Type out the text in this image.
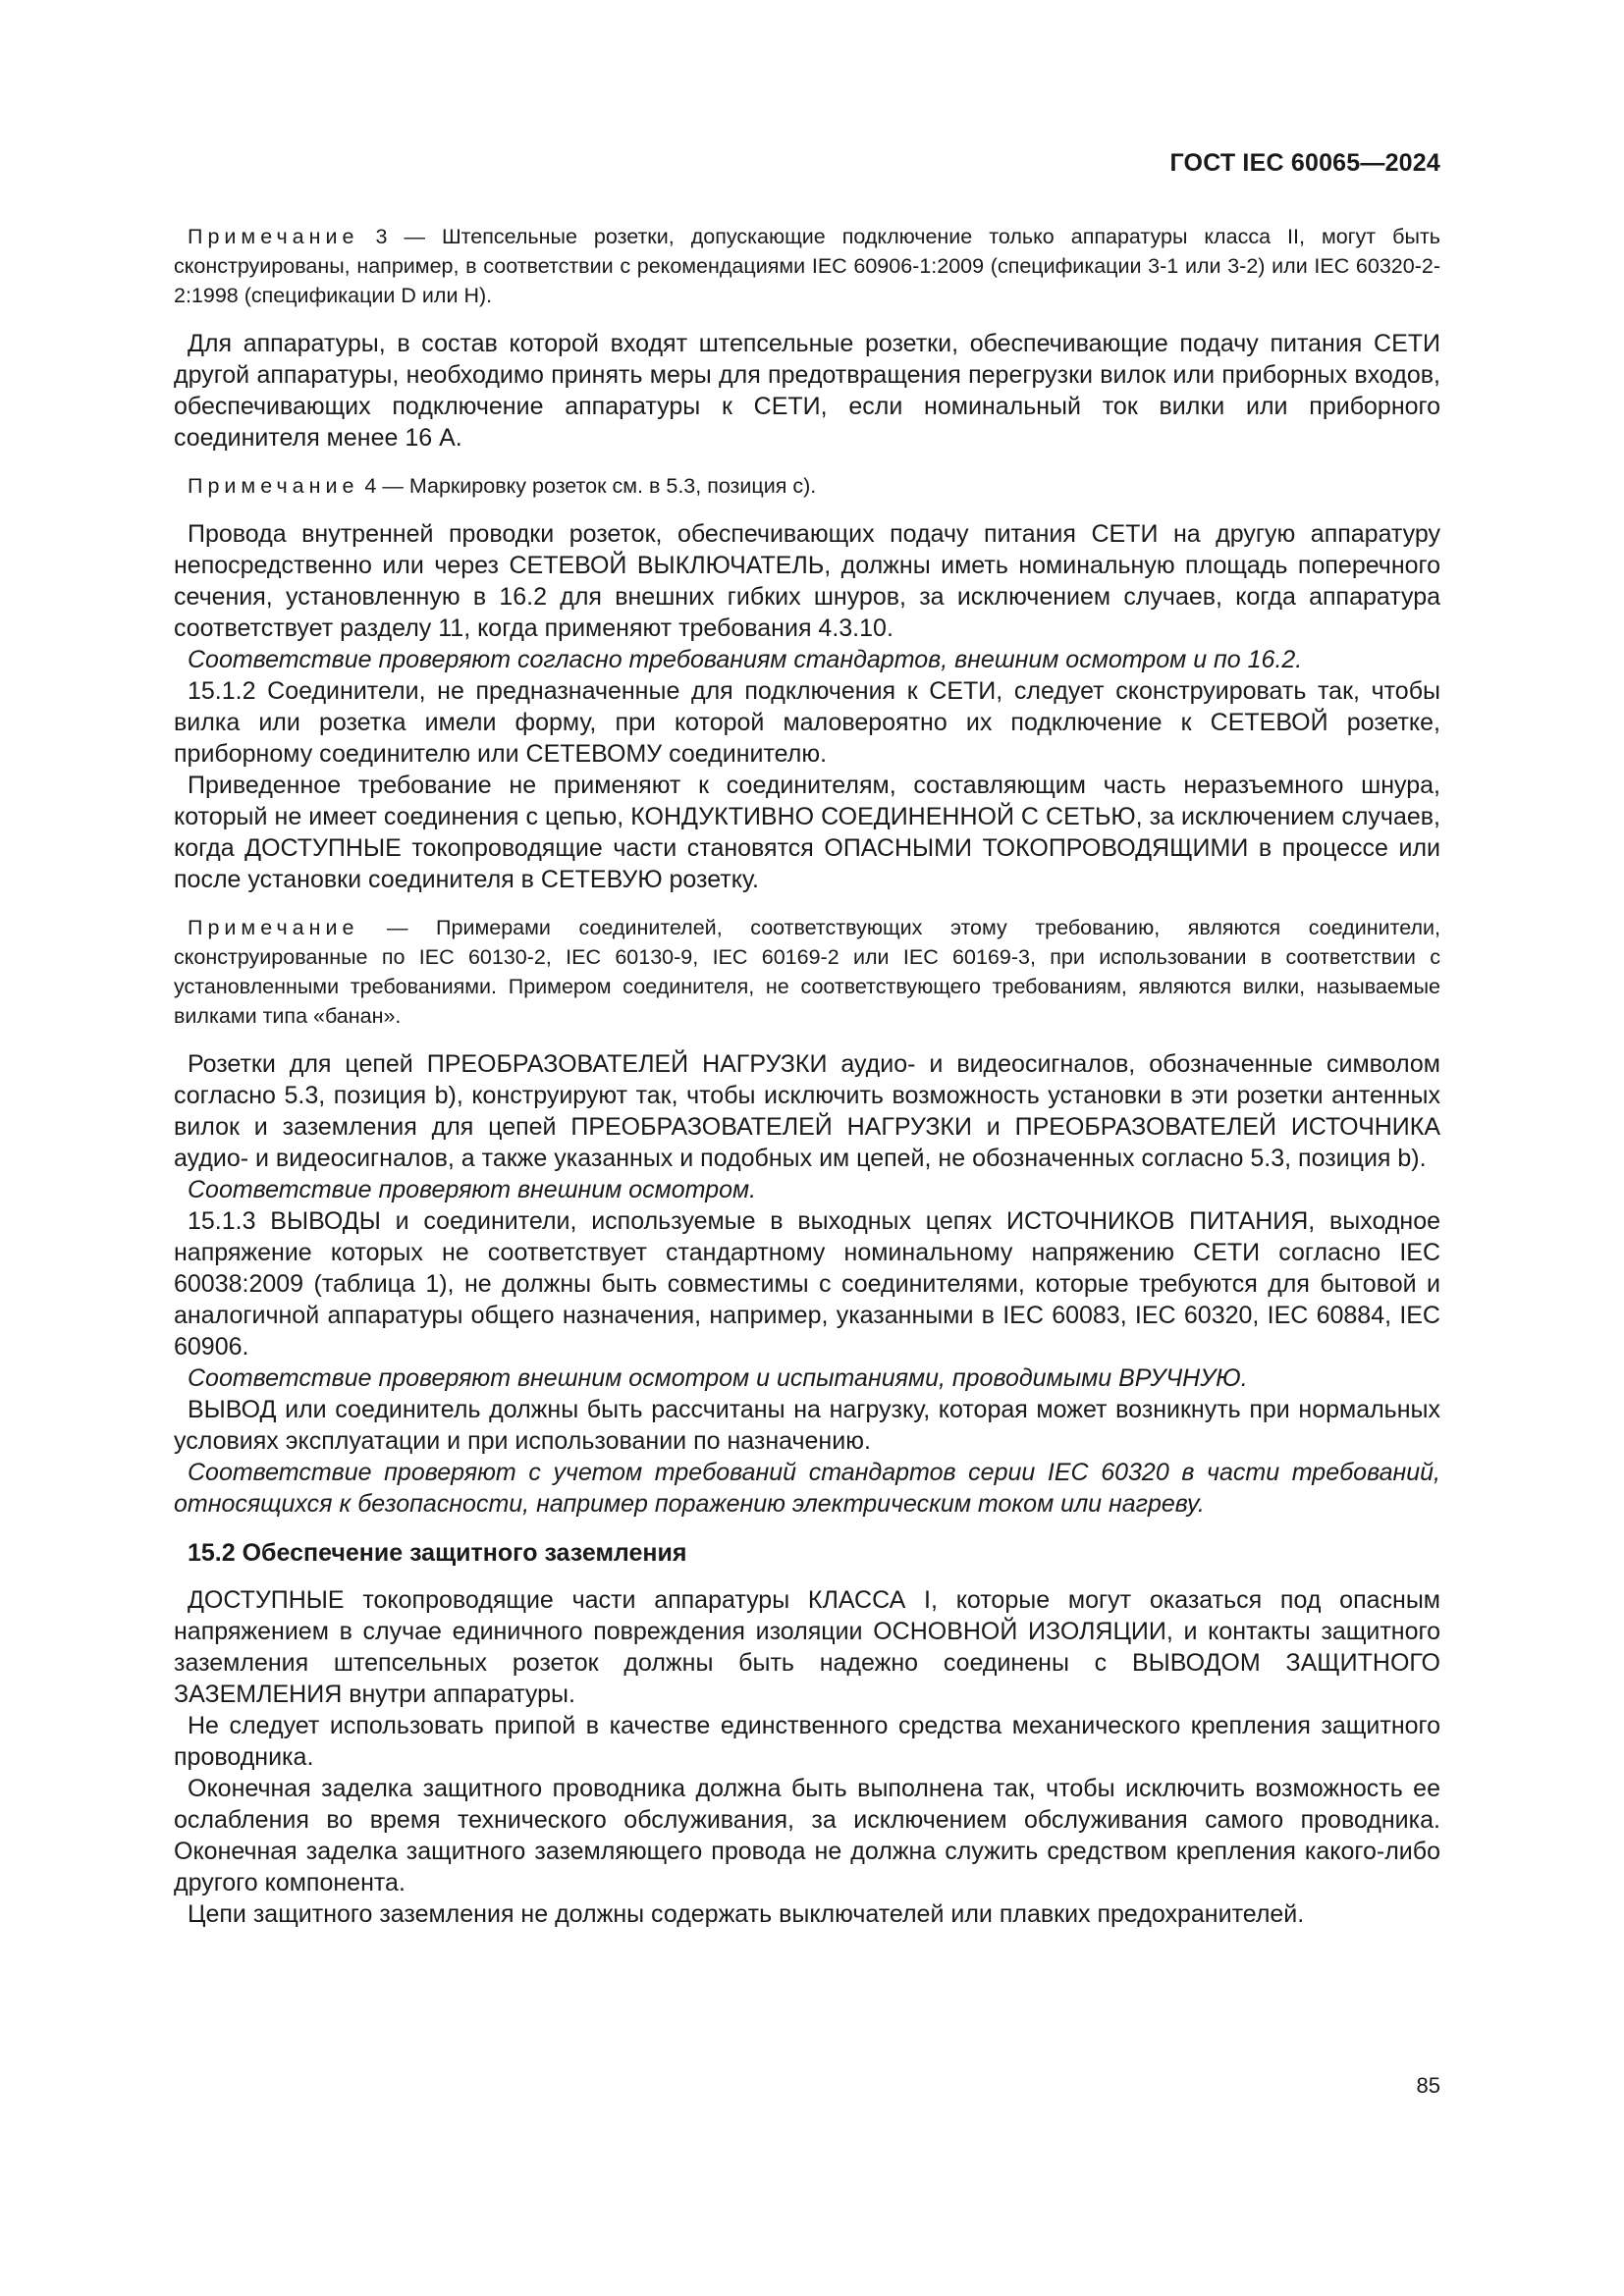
ГОСТ IEC 60065—2024

Примечание 3 — Штепсельные розетки, допускающие подключение только аппаратуры класса II, могут быть сконструированы, например, в соответствии с рекомендациями IEC 60906-1:2009 (спецификации 3-1 или 3-2) или IEC 60320-2-2:1998 (спецификации D или H).

Для аппаратуры, в состав которой входят штепсельные розетки, обеспечивающие подачу питания СЕТИ другой аппаратуры, необходимо принять меры для предотвращения перегрузки вилок или приборных входов, обеспечивающих подключение аппаратуры к СЕТИ, если номинальный ток вилки или приборного соединителя менее 16 А.

Примечание 4 — Маркировку розеток см. в 5.3, позиция с).

Провода внутренней проводки розеток, обеспечивающих подачу питания СЕТИ на другую аппаратуру непосредственно или через СЕТЕВОЙ ВЫКЛЮЧАТЕЛЬ, должны иметь номинальную площадь поперечного сечения, установленную в 16.2 для внешних гибких шнуров, за исключением случаев, когда аппаратура соответствует разделу 11, когда применяют требования 4.3.10.

Соответствие проверяют согласно требованиям стандартов, внешним осмотром и по 16.2.

15.1.2 Соединители, не предназначенные для подключения к СЕТИ, следует сконструировать так, чтобы вилка или розетка имели форму, при которой маловероятно их подключение к СЕТЕВОЙ розетке, приборному соединителю или СЕТЕВОМУ соединителю.

Приведенное требование не применяют к соединителям, составляющим часть неразъемного шнура, который не имеет соединения с цепью, КОНДУКТИВНО СОЕДИНЕННОЙ С СЕТЬЮ, за исключением случаев, когда ДОСТУПНЫЕ токопроводящие части становятся ОПАСНЫМИ ТОКОПРОВОДЯЩИМИ в процессе или после установки соединителя в СЕТЕВУЮ розетку.

Примечание — Примерами соединителей, соответствующих этому требованию, являются соединители, сконструированные по IEC 60130-2, IEC 60130-9, IEC 60169-2 или IEC 60169-3, при использовании в соответствии с установленными требованиями. Примером соединителя, не соответствующего требованиям, являются вилки, называемые вилками типа «банан».

Розетки для цепей ПРЕОБРАЗОВАТЕЛЕЙ НАГРУЗКИ аудио- и видеосигналов, обозначенные символом согласно 5.3, позиция b), конструируют так, чтобы исключить возможность установки в эти розетки антенных вилок и заземления для цепей ПРЕОБРАЗОВАТЕЛЕЙ НАГРУЗКИ и ПРЕОБРАЗОВАТЕЛЕЙ ИСТОЧНИКА аудио- и видеосигналов, а также указанных и подобных им цепей, не обозначенных согласно 5.3, позиция b).

Соответствие проверяют внешним осмотром.

15.1.3 ВЫВОДЫ и соединители, используемые в выходных цепях ИСТОЧНИКОВ ПИТАНИЯ, выходное напряжение которых не соответствует стандартному номинальному напряжению СЕТИ согласно IEC 60038:2009 (таблица 1), не должны быть совместимы с соединителями, которые требуются для бытовой и аналогичной аппаратуры общего назначения, например, указанными в IEC 60083, IEC 60320, IEC 60884, IEC 60906.

Соответствие проверяют внешним осмотром и испытаниями, проводимыми ВРУЧНУЮ.

ВЫВОД или соединитель должны быть рассчитаны на нагрузку, которая может возникнуть при нормальных условиях эксплуатации и при использовании по назначению.

Соответствие проверяют с учетом требований стандартов серии IEC 60320 в части требований, относящихся к безопасности, например поражению электрическим током или нагреву.

15.2 Обеспечение защитного заземления

ДОСТУПНЫЕ токопроводящие части аппаратуры КЛАССА I, которые могут оказаться под опасным напряжением в случае единичного повреждения изоляции ОСНОВНОЙ ИЗОЛЯЦИИ, и контакты защитного заземления штепсельных розеток должны быть надежно соединены с ВЫВОДОМ ЗАЩИТНОГО ЗАЗЕМЛЕНИЯ внутри аппаратуры.

Не следует использовать припой в качестве единственного средства механического крепления защитного проводника.

Оконечная заделка защитного проводника должна быть выполнена так, чтобы исключить возможность ее ослабления во время технического обслуживания, за исключением обслуживания самого проводника. Оконечная заделка защитного заземляющего провода не должна служить средством крепления какого-либо другого компонента.

Цепи защитного заземления не должны содержать выключателей или плавких предохранителей.

85
